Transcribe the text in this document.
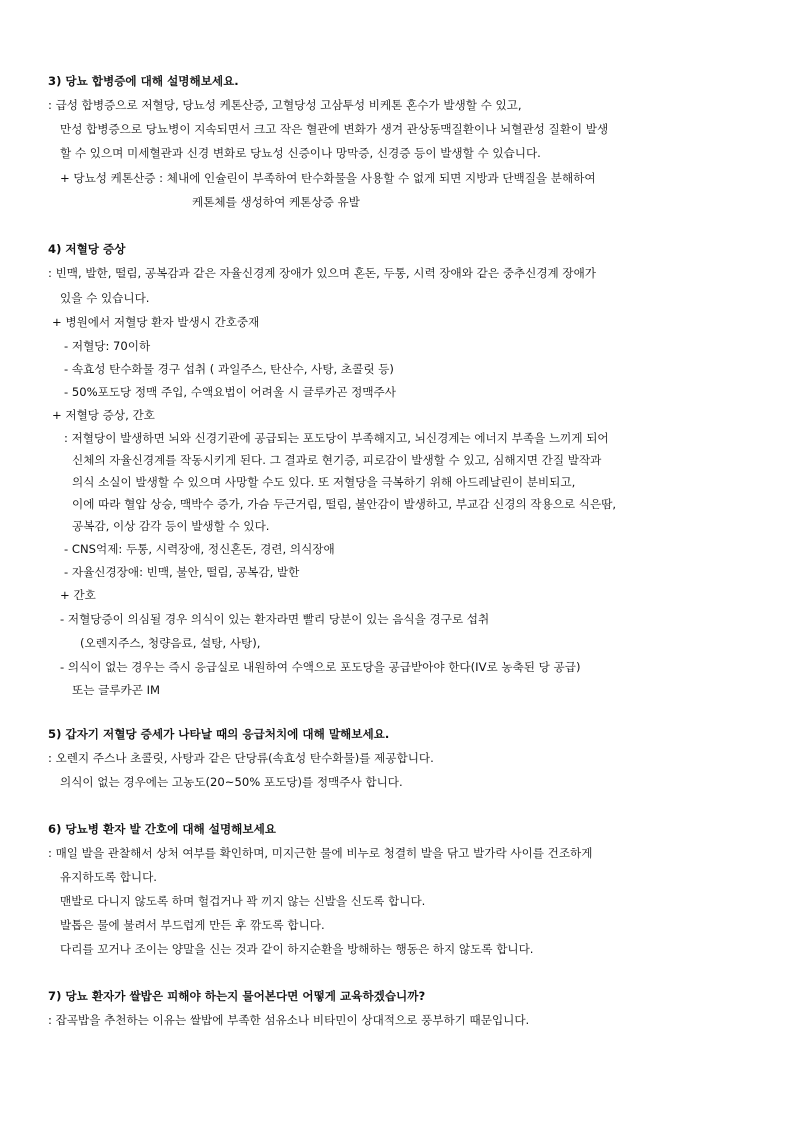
3) 당뇨 합병증에 대해 설명해보세요.
: 급성 합병증으로 저혈당, 당뇨성 케톤산증, 고혈당성 고삼투성 비케톤 혼수가 발생할 수 있고,
만성 합병증으로 당뇨병이 지속되면서 크고 작은 혈관에 변화가 생겨 관상동맥질환이나 뇌혈관성 질환이 발생
할 수 있으며 미세혈관과 신경 변화로 당뇨성 신증이나 망막증, 신경증 등이 발생할 수 있습니다.
+ 당뇨성 케톤산증 : 체내에 인슐린이 부족하여 탄수화물을 사용할 수 없게 되면 지방과 단백질을 분해하여
케톤체를 생성하여 케톤상증 유발
4) 저혈당 증상
: 빈맥, 발한, 떨림, 공복감과 같은 자율신경계 장애가 있으며 혼돈, 두통, 시력 장애와 같은 중추신경계 장애가
있을 수 있습니다.
+ 병원에서 저혈당 환자 발생시 간호중재
- 저혈당: 70이하
- 속효성 탄수화물 경구 섭취 ( 과일주스, 탄산수, 사탕, 초콜릿 등)
- 50%포도당 정맥 주입, 수액요법이 어려울 시 글루카곤 정맥주사
+ 저혈당 증상, 간호
: 저혈당이 발생하면 뇌와 신경기관에 공급되는 포도당이 부족해지고, 뇌신경계는 에너지 부족을 느끼게 되어
신체의 자율신경계를 작동시키게 된다. 그 결과로 현기증, 피로감이 발생할 수 있고, 심해지면 간질 발작과
의식 소실이 발생할 수 있으며 사망할 수도 있다. 또 저혈당을 극복하기 위해 아드레날린이 분비되고,
이에 따라 혈압 상승, 맥박수 증가, 가슴 두근거림, 떨림, 불안감이 발생하고, 부교감 신경의 작용으로 식은땀,
공복감, 이상 감각 등이 발생할 수 있다.
- CNS억제: 두통, 시력장애, 정신혼돈, 경련, 의식장애
- 자율신경장애: 빈맥, 불안, 떨림, 공복감, 발한
+ 간호
- 저혈당증이 의심될 경우 의식이 있는 환자라면 빨리 당분이 있는 음식을 경구로 섭취
(오렌지주스, 청량음료, 설탕, 사탕),
- 의식이 없는 경우는 즉시 응급실로 내원하여 수액으로 포도당을 공급받아야 한다(IV로 농축된 당 공급)
또는 글루카곤 IM
5) 갑자기 저혈당 증세가 나타날 때의 응급처치에 대해 말해보세요.
: 오렌지 주스나 초콜릿, 사탕과 같은 단당류(속효성 탄수화물)를 제공합니다.
의식이 없는 경우에는 고농도(20~50% 포도당)를 정맥주사 합니다.
6) 당뇨병 환자 발 간호에 대해 설명해보세요
: 매일 발을 관찰해서 상처 여부를 확인하며, 미지근한 물에 비누로 청결히 발을 닦고 발가락 사이를 건조하게
유지하도록 합니다.
맨발로 다니지 않도록 하며 헐겁거나 꽉 끼지 않는 신발을 신도록 합니다.
발톱은 물에 불려서 부드럽게 만든 후 깎도록 합니다.
다리를 꼬거나 조이는 양말을 신는 것과 같이 하지순환을 방해하는 행동은 하지 않도록 합니다.
7) 당뇨 환자가 쌀밥은 피해야 하는지 물어본다면 어떻게 교육하겠습니까?
: 잡곡밥을 추천하는 이유는 쌀밥에 부족한 섬유소나 비타민이 상대적으로 풍부하기 때문입니다.
